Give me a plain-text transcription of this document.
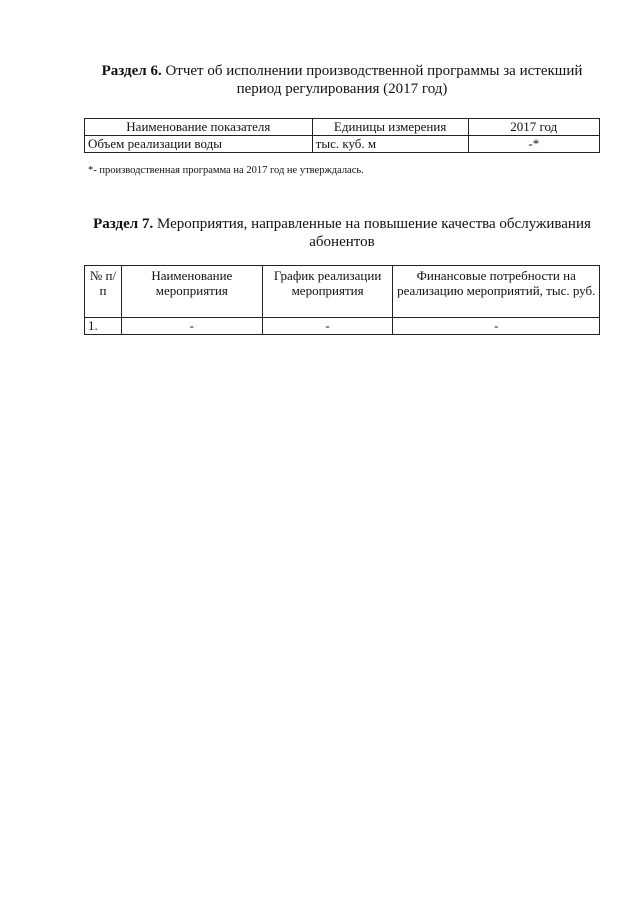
Раздел 6. Отчет об исполнении производственной программы за истекший период регулирования (2017 год)
Наименование показателя	Единицы измерения	2017 год
Объем реализации воды	тыс. куб. м	-*
*- производственная программа на 2017 год не утверждалась.
Раздел 7. Мероприятия, направленные на повышение качества обслуживания абонентов
№ п/п	Наименование мероприятия	График реализации мероприятия	Финансовые потребности на реализацию мероприятий, тыс. руб.
1.	-	-	-
